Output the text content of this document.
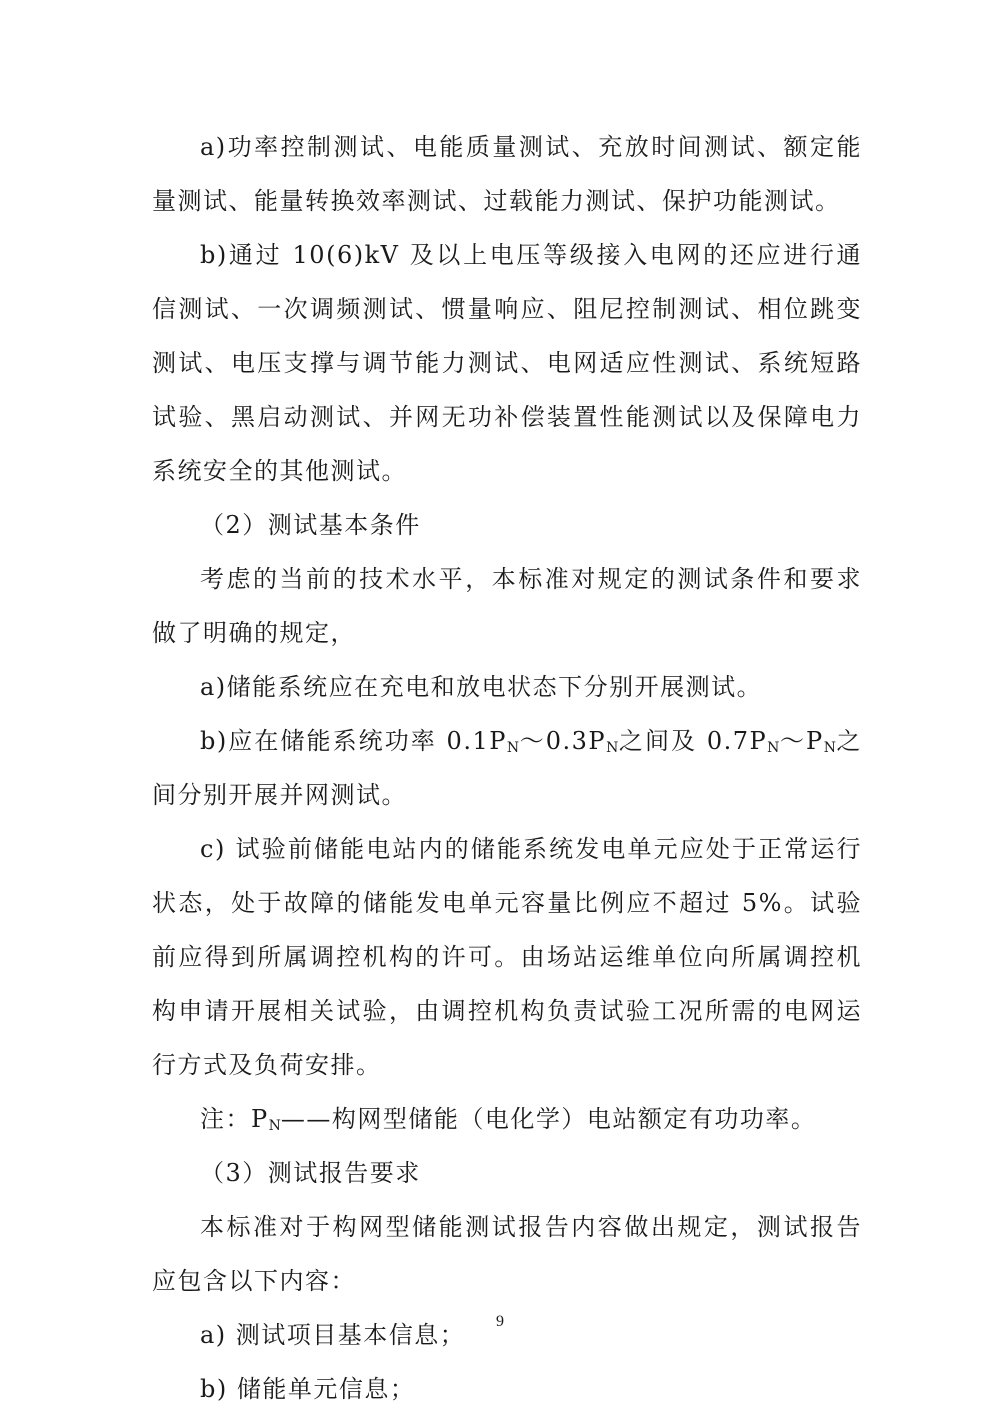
a)功率控制测试、电能质量测试、充放时间测试、额定能量测试、能量转换效率测试、过载能力测试、保护功能测试。

b)通过 10(6)kV 及以上电压等级接入电网的还应进行通信测试、一次调频测试、惯量响应、阻尼控制测试、相位跳变测试、电压支撑与调节能力测试、电网适应性测试、系统短路试验、黑启动测试、并网无功补偿装置性能测试以及保障电力系统安全的其他测试。

（2）测试基本条件

考虑的当前的技术水平，本标准对规定的测试条件和要求做了明确的规定，

a)储能系统应在充电和放电状态下分别开展测试。

b)应在储能系统功率 $0.1P_N\sim 0.3P_N$之间及 $0.7P_N\sim P_N$之间分别开展并网测试。

c) 试验前储能电站内的储能系统发电单元应处于正常运行状态，处于故障的储能发电单元容量比例应不超过 5%。试验前应得到所属调控机构的许可。由场站运维单位向所属调控机构申请开展相关试验，由调控机构负责试验工况所需的电网运行方式及负荷安排。

注：$P_N——$构网型储能（电化学）电站额定有功功率。

（3）测试报告要求

本标准对于构网型储能测试报告内容做出规定，测试报告应包含以下内容：

a) 测试项目基本信息；

b) 储能单元信息；

9
